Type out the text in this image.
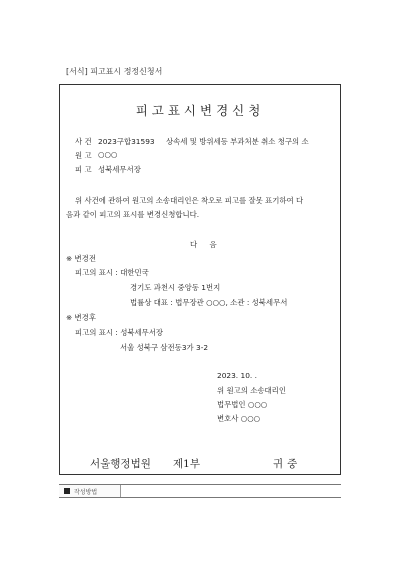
[서식] 피고표시 정정신청서
피고표시변경신청
사 건 2023구합31593 상속세 및 방위세등 부과처분 취소 청구의 소
원 고 ○○○
피 고 성북세무서장
위 사건에 관하여 원고의 소송대리인은 착오로 피고를 잘못 표기하여 다
음과 같이 피고의 표시를 변경신청합니다.
다 음
※ 변경전
피고의 표시 : 대한민국
경기도 과천시 중앙동 1번지
법률상 대표 : 법무장관 ○○○, 소관 : 성북세무서
※ 변경후
피고의 표시 : 성북세무서장
서울 성북구 삼전동3가 3-2
2023. 10. .
위 원고의 소송대리인
법무법인 ○○○
변호사 ○○○
서울행정법원 제1부	귀중
작성방법
